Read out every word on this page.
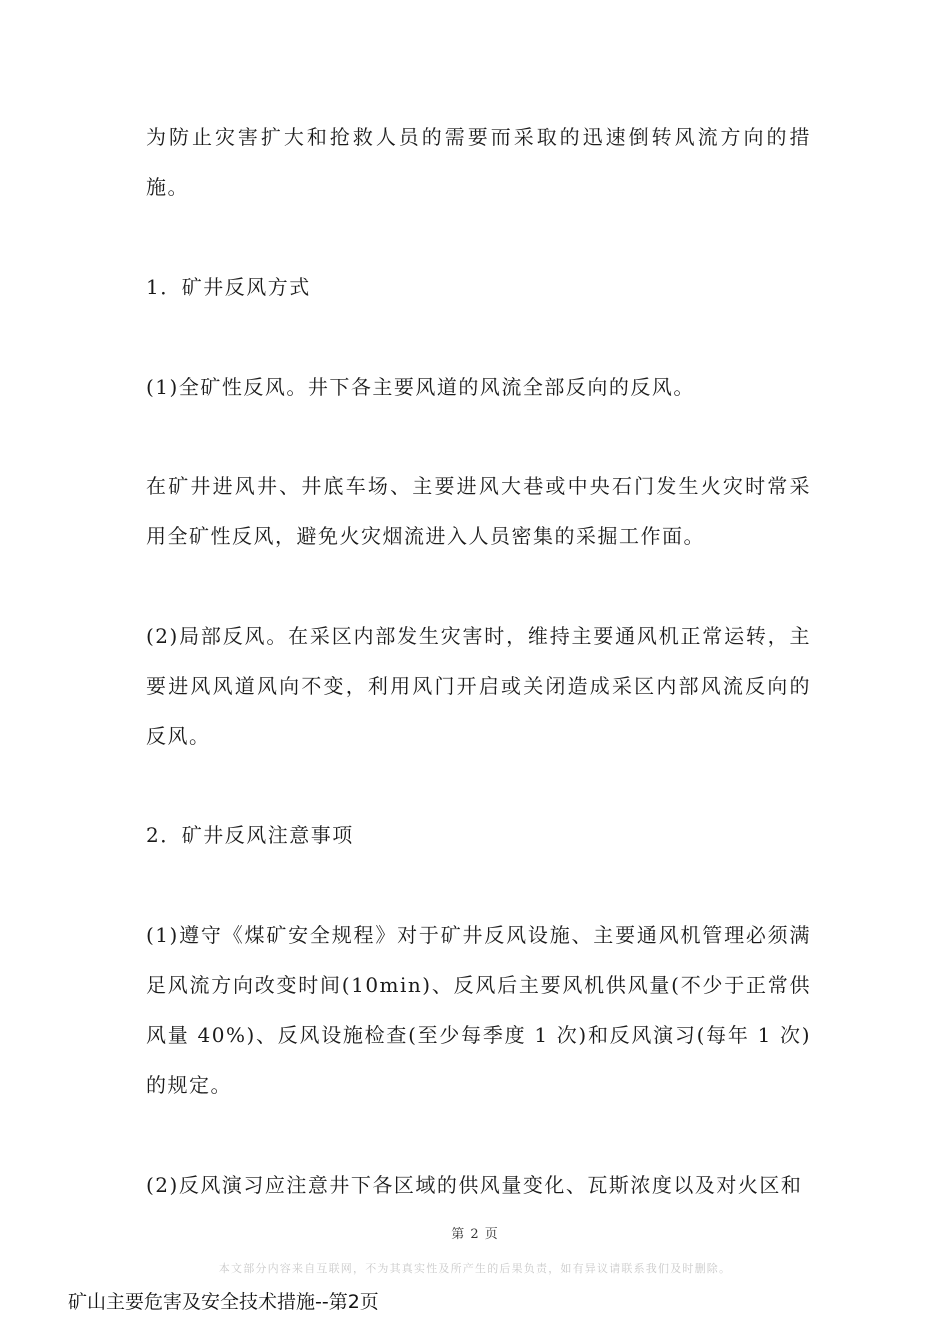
为防止灾害扩大和抢救人员的需要而采取的迅速倒转风流方向的措施。

1．矿井反风方式

(1)全矿性反风。井下各主要风道的风流全部反向的反风。

在矿井进风井、井底车场、主要进风大巷或中央石门发生火灾时常采用全矿性反风，避免火灾烟流进入人员密集的采掘工作面。

(2)局部反风。在采区内部发生灾害时，维持主要通风机正常运转，主要进风风道风向不变，利用风门开启或关闭造成采区内部风流反向的反风。

2．矿井反风注意事项

(1)遵守《煤矿安全规程》对于矿井反风设施、主要通风机管理必须满足风流方向改变时间(10min)、反风后主要风机供风量(不少于正常供风量 40%)、反风设施检查(至少每季度 1 次)和反风演习(每年 1 次)的规定。

(2)反风演习应注意井下各区域的供风量变化、瓦斯浓度以及对火区和

第 2 页

本文部分内容来自互联网，不为其真实性及所产生的后果负责，如有异议请联系我们及时删除。

矿山主要危害及安全技术措施--第2页
